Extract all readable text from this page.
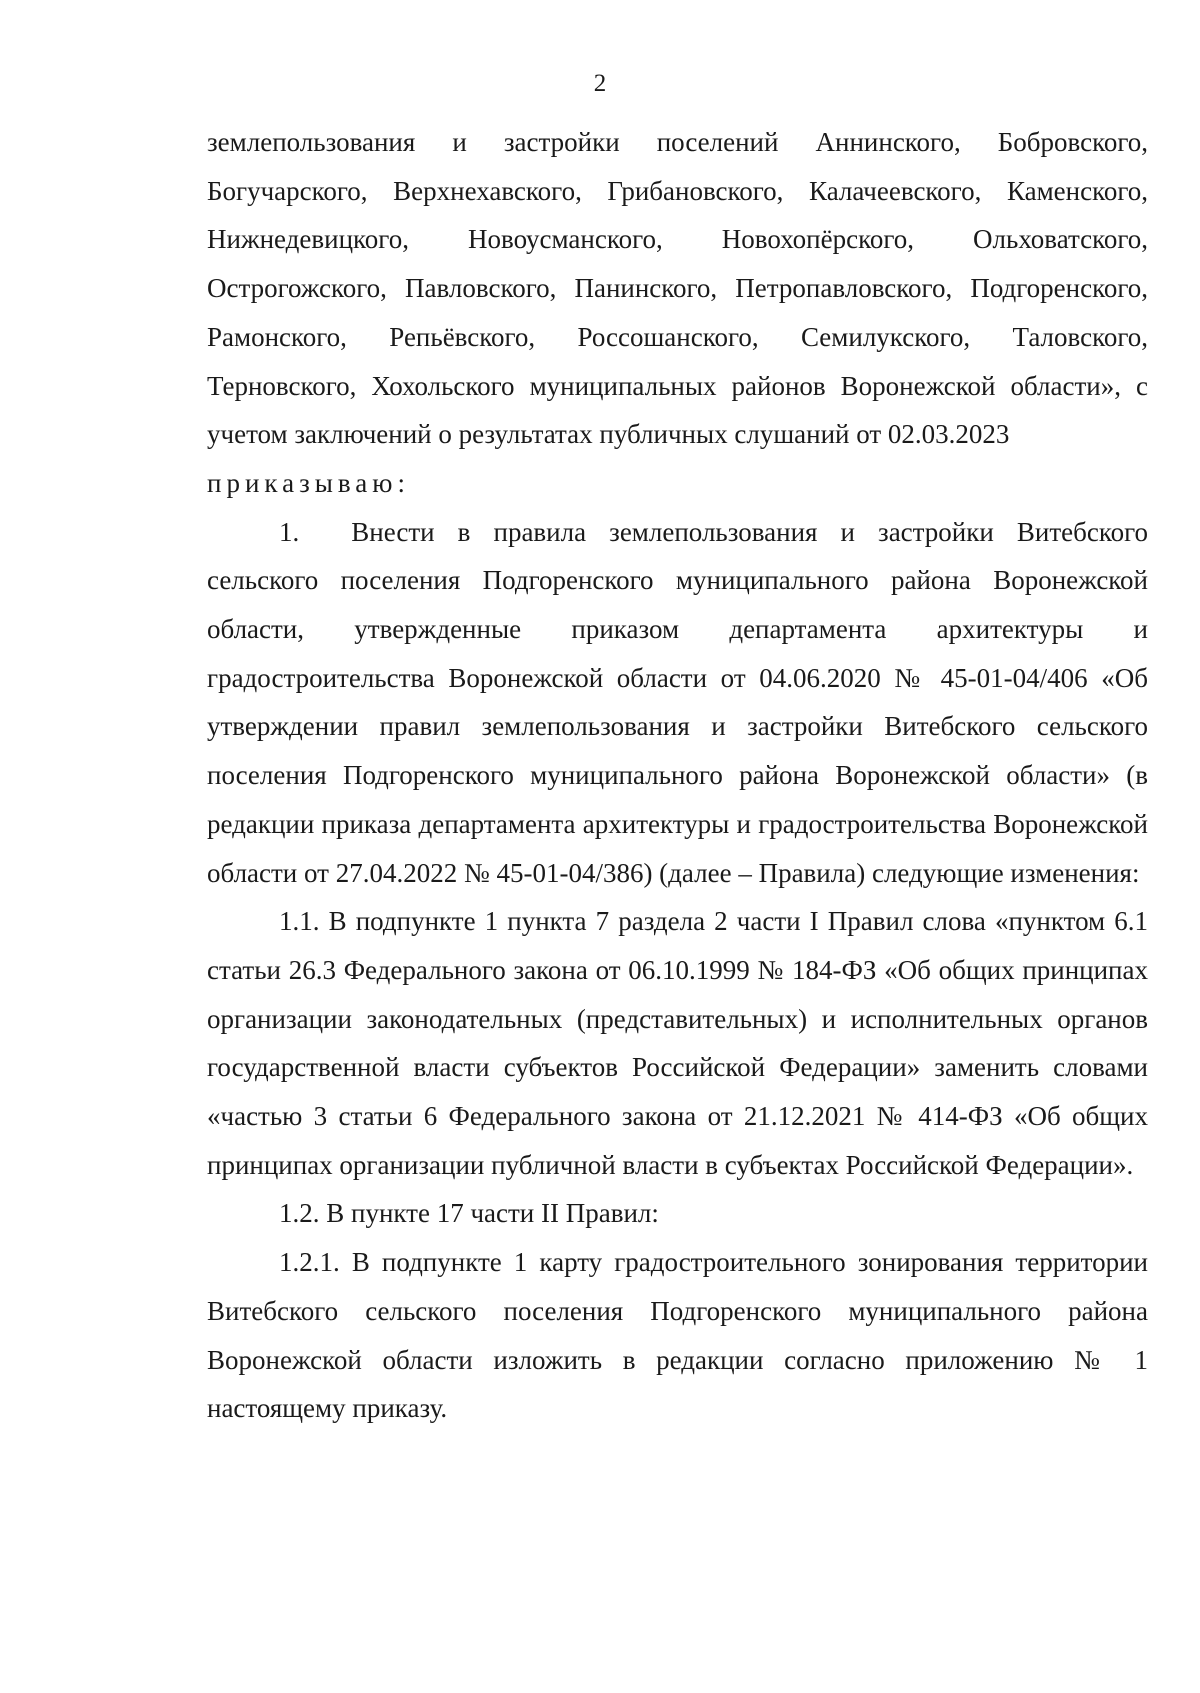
2

землепользования и застройки поселений Аннинского, Бобровского, Богучарского, Верхнехавского, Грибановского, Калачеевского, Каменского, Нижнедевицкого, Новоусманского, Новохопёрского, Ольховатского, Острогожского, Павловского, Панинского, Петропавловского, Подгоренского, Рамонского, Репьёвского, Россошанского, Семилукского, Таловского, Терновского, Хохольского муниципальных районов Воронежской области», с учетом заключений о результатах публичных слушаний от 02.03.2023

приказываю:

1. Внести в правила землепользования и застройки Витебского сельского поселения Подгоренского муниципального района Воронежской области, утвержденные приказом департамента архитектуры и градостроительства Воронежской области от 04.06.2020 № 45-01-04/406 «Об утверждении правил землепользования и застройки Витебского сельского поселения Подгоренского муниципального района Воронежской области» (в редакции приказа департамента архитектуры и градостроительства Воронежской области от 27.04.2022 № 45-01-04/386) (далее – Правила) следующие изменения:

1.1. В подпункте 1 пункта 7 раздела 2 части I Правил слова «пунктом 6.1 статьи 26.3 Федерального закона от 06.10.1999 № 184-ФЗ «Об общих принципах организации законодательных (представительных) и исполнительных органов государственной власти субъектов Российской Федерации» заменить словами «частью 3 статьи 6 Федерального закона от 21.12.2021 № 414-ФЗ «Об общих принципах организации публичной власти в субъектах Российской Федерации».

1.2. В пункте 17 части II Правил:

1.2.1. В подпункте 1 карту градостроительного зонирования территории Витебского сельского поселения Подгоренского муниципального района Воронежской области изложить в редакции согласно приложению № 1 настоящему приказу.
